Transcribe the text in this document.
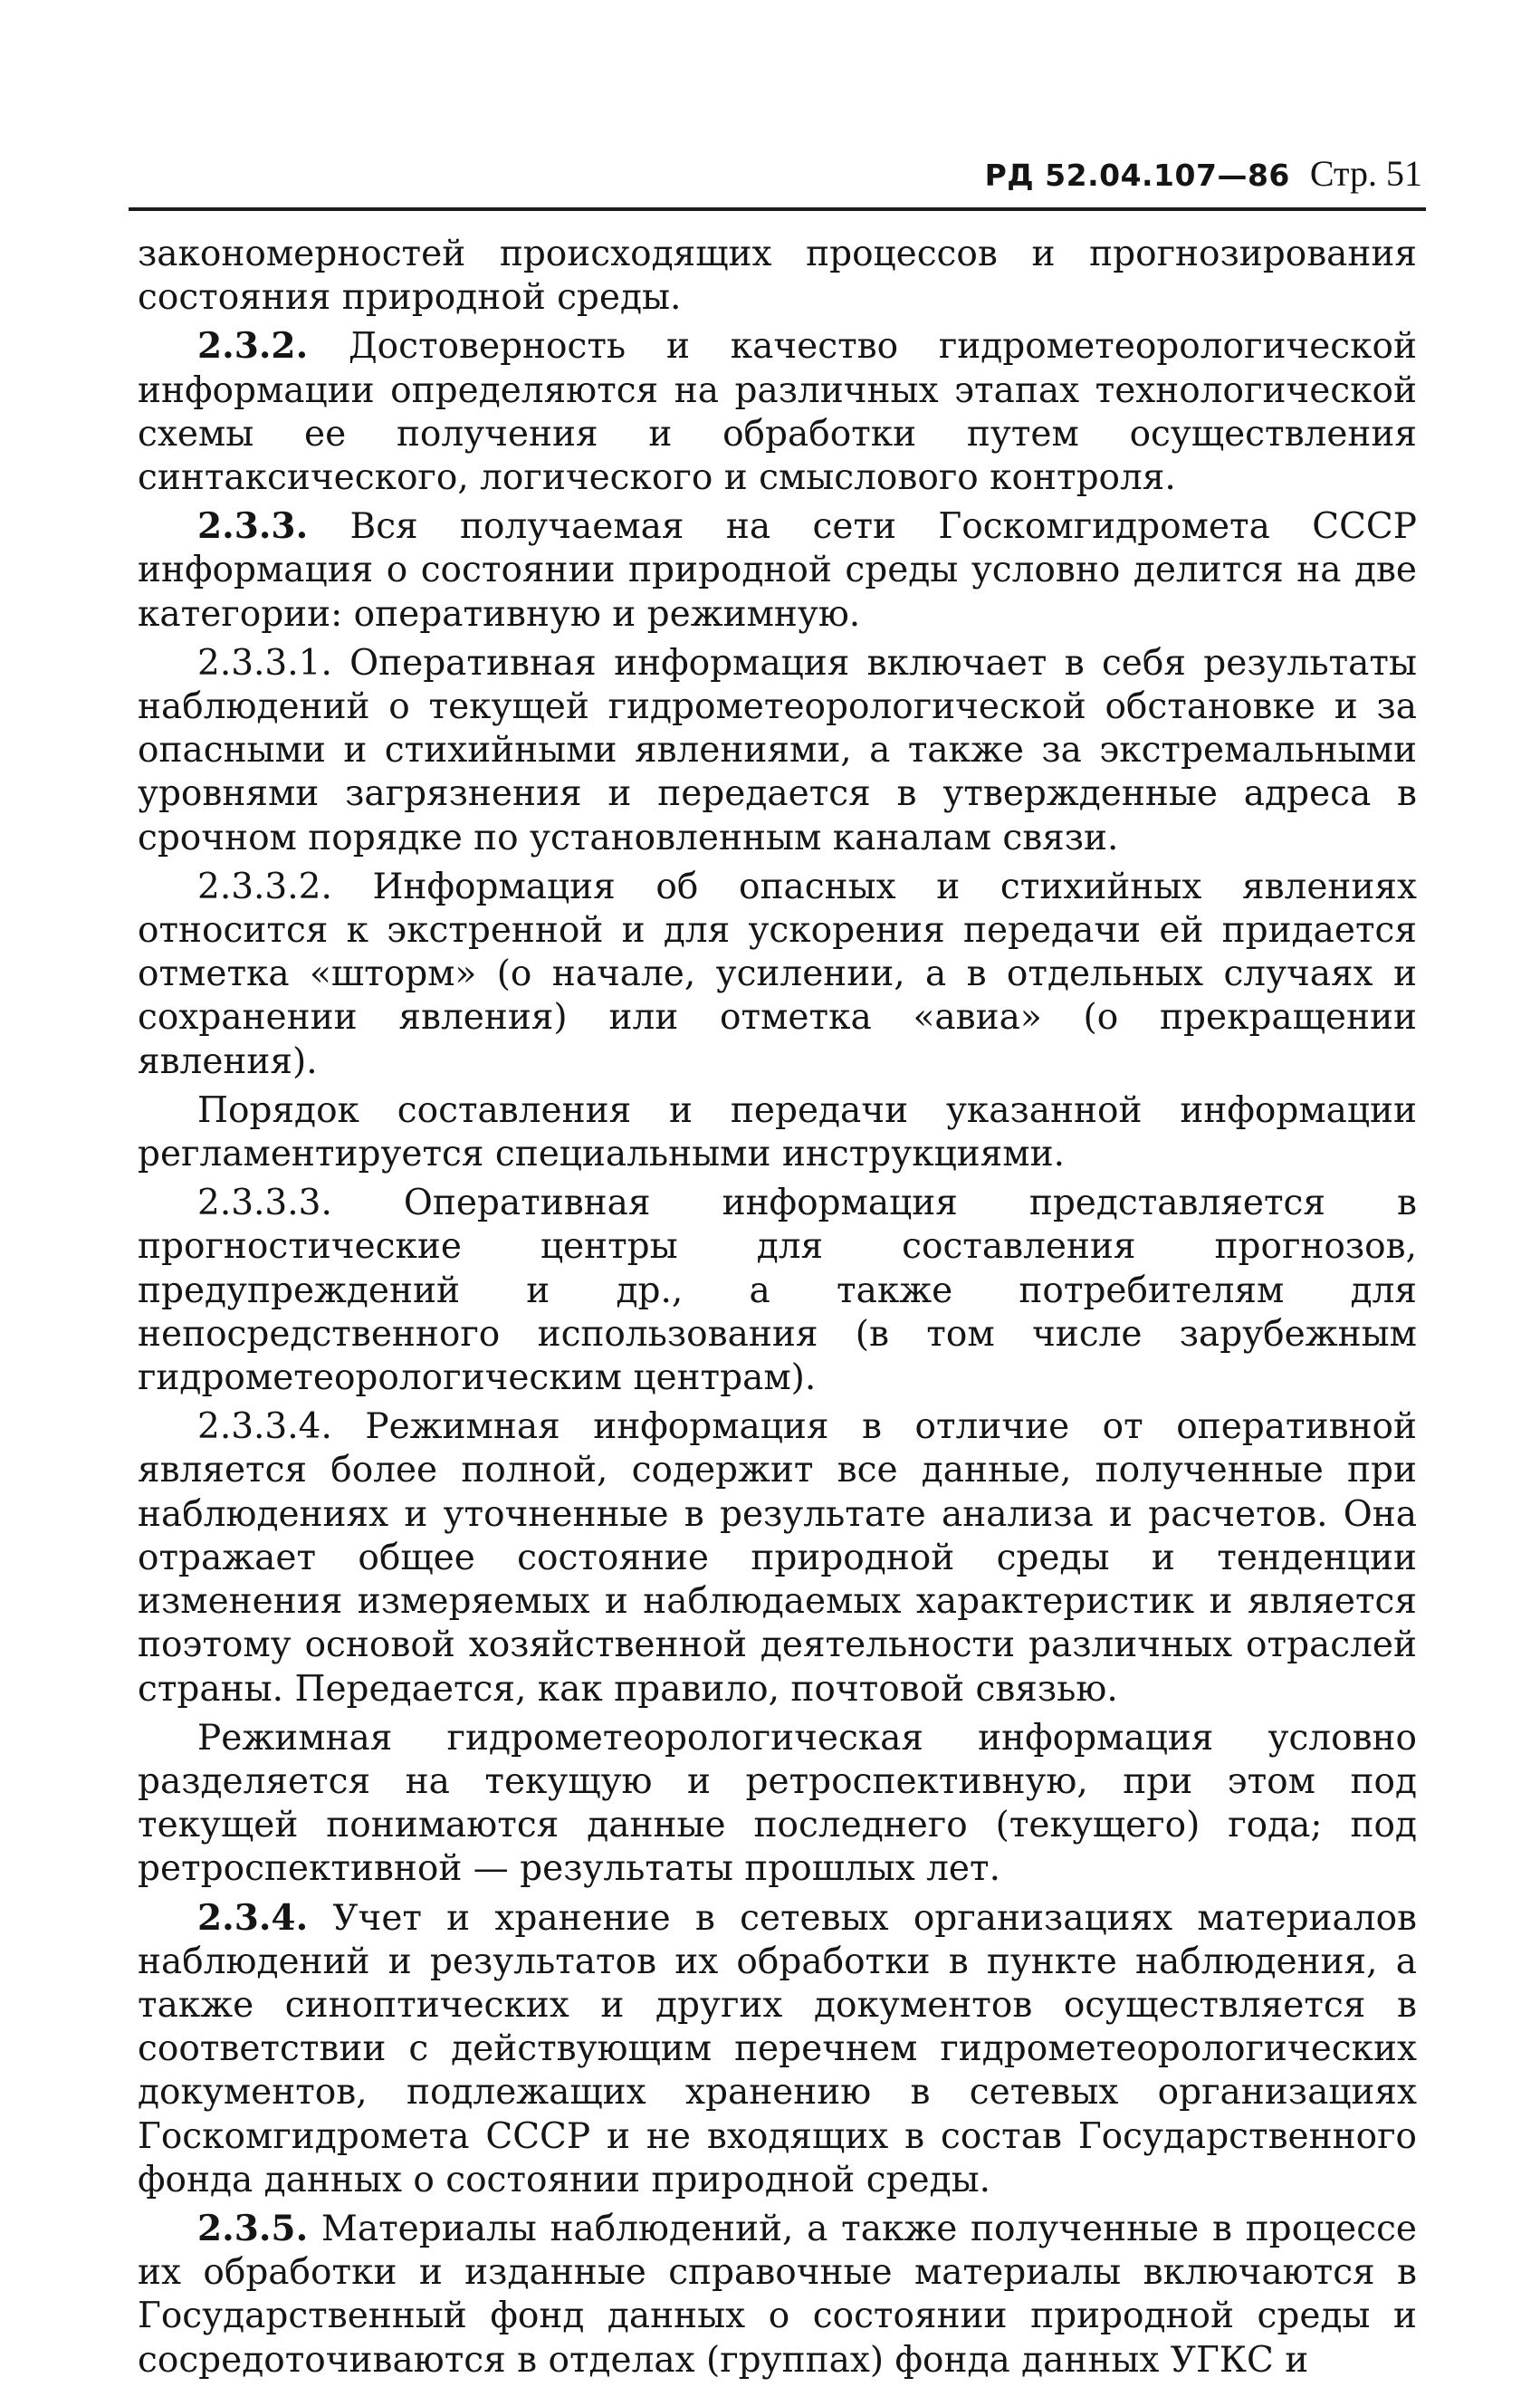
РД 52.04.107—86 Стр. 51

закономерностей происходящих процессов и прогнозирования состояния природной среды.

2.3.2. Достоверность и качество гидрометеорологической информации определяются на различных этапах технологической схемы ее получения и обработки путем осуществления синтаксического, логического и смыслового контроля.

2.3.3. Вся получаемая на сети Госкомгидромета СССР информация о состоянии природной среды условно делится на две категории: оперативную и режимную.

2.3.3.1. Оперативная информация включает в себя результаты наблюдений о текущей гидрометеорологической обстановке и за опасными и стихийными явлениями, а также за экстремальными уровнями загрязнения и передается в утвержденные адреса в срочном порядке по установленным каналам связи.

2.3.3.2. Информация об опасных и стихийных явлениях относится к экстренной и для ускорения передачи ей придается отметка «шторм» (о начале, усилении, а в отдельных случаях и сохранении явления) или отметка «авиа» (о прекращении явления).

Порядок составления и передачи указанной информации регламентируется специальными инструкциями.

2.3.3.3. Оперативная информация представляется в прогностические центры для составления прогнозов, предупреждений и др., а также потребителям для непосредственного использования (в том числе зарубежным гидрометеорологическим центрам).

2.3.3.4. Режимная информация в отличие от оперативной является более полной, содержит все данные, полученные при наблюдениях и уточненные в результате анализа и расчетов. Она отражает общее состояние природной среды и тенденции изменения измеряемых и наблюдаемых характеристик и является поэтому основой хозяйственной деятельности различных отраслей страны. Передается, как правило, почтовой связью.

Режимная гидрометеорологическая информация условно разделяется на текущую и ретроспективную, при этом под текущей понимаются данные последнего (текущего) года; под ретроспективной — результаты прошлых лет.

2.3.4. Учет и хранение в сетевых организациях материалов наблюдений и результатов их обработки в пункте наблюдения, а также синоптических и других документов осуществляется в соответствии с действующим перечнем гидрометеорологических документов, подлежащих хранению в сетевых организациях Госкомгидромета СССР и не входящих в состав Государственного фонда данных о состоянии природной среды.

2.3.5. Материалы наблюдений, а также полученные в процессе их обработки и изданные справочные материалы включаются в Государственный фонд данных о состоянии природной среды и сосредоточиваются в отделах (группах) фонда данных УГКС и
